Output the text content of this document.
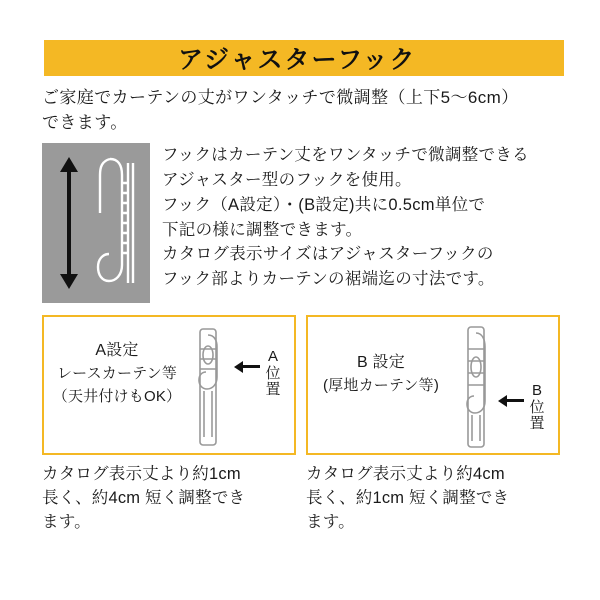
アジャスターフック
ご家庭でカーテンの丈がワンタッチで微調整（上下5〜6cm）
できます。
フックはカーテン丈をワンタッチで微調整できる
アジャスター型のフックを使用。
フック（A設定）・(B設定)共に0.5cm単位で
下記の様に調整できます。
カタログ表示サイズはアジャスターフックの
フック部よりカーテンの裾端迄の寸法です。
A設定
レースカーテン等
（天井付けもOK）
A
位
置
B 設定
(厚地カーテン等)	B
位
置
カタログ表示丈より約1cm
長く、約4cm 短く調整でき
ます。
カタログ表示丈より約4cm
長く、約1cm 短く調整でき
ます。
